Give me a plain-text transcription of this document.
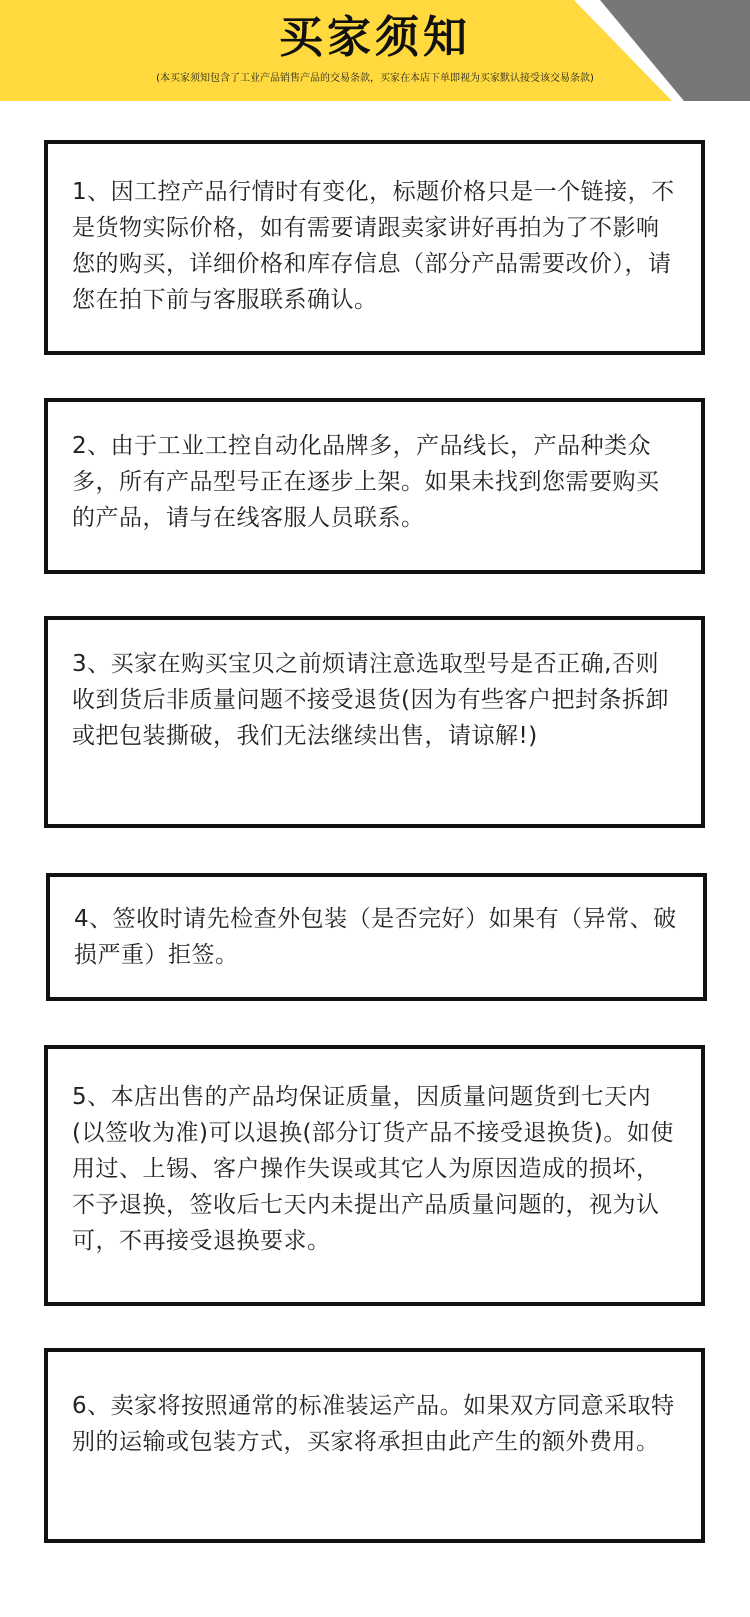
买家须知
(本买家须知包含了工业产品销售产品的交易条款，买家在本店下单即视为买家默认接受该交易条款)
1、因工控产品行情时有变化，标题价格只是一个链接，不是货物实际价格，如有需要请跟卖家讲好再拍为了不影响您的购买，详细价格和库存信息（部分产品需要改价），请您在拍下前与客服联系确认。
2、由于工业工控自动化品牌多，产品线长，产品种类众多，所有产品型号正在逐步上架。如果未找到您需要购买的产品，请与在线客服人员联系。
3、买家在购买宝贝之前烦请注意选取型号是否正确,否则收到货后非质量问题不接受退货(因为有些客户把封条拆卸或把包装撕破，我们无法继续出售，请谅解!)
4、签收时请先检查外包装（是否完好）如果有（异常、破损严重）拒签。
5、本店出售的产品均保证质量，因质量问题货到七天内(以签收为准)可以退换(部分订货产品不接受退换货)。如使用过、上锡、客户操作失误或其它人为原因造成的损坏，不予退换，签收后七天内未提出产品质量问题的，视为认可，不再接受退换要求。
6、卖家将按照通常的标准装运产品。如果双方同意采取特别的运输或包装方式，买家将承担由此产生的额外费用。
